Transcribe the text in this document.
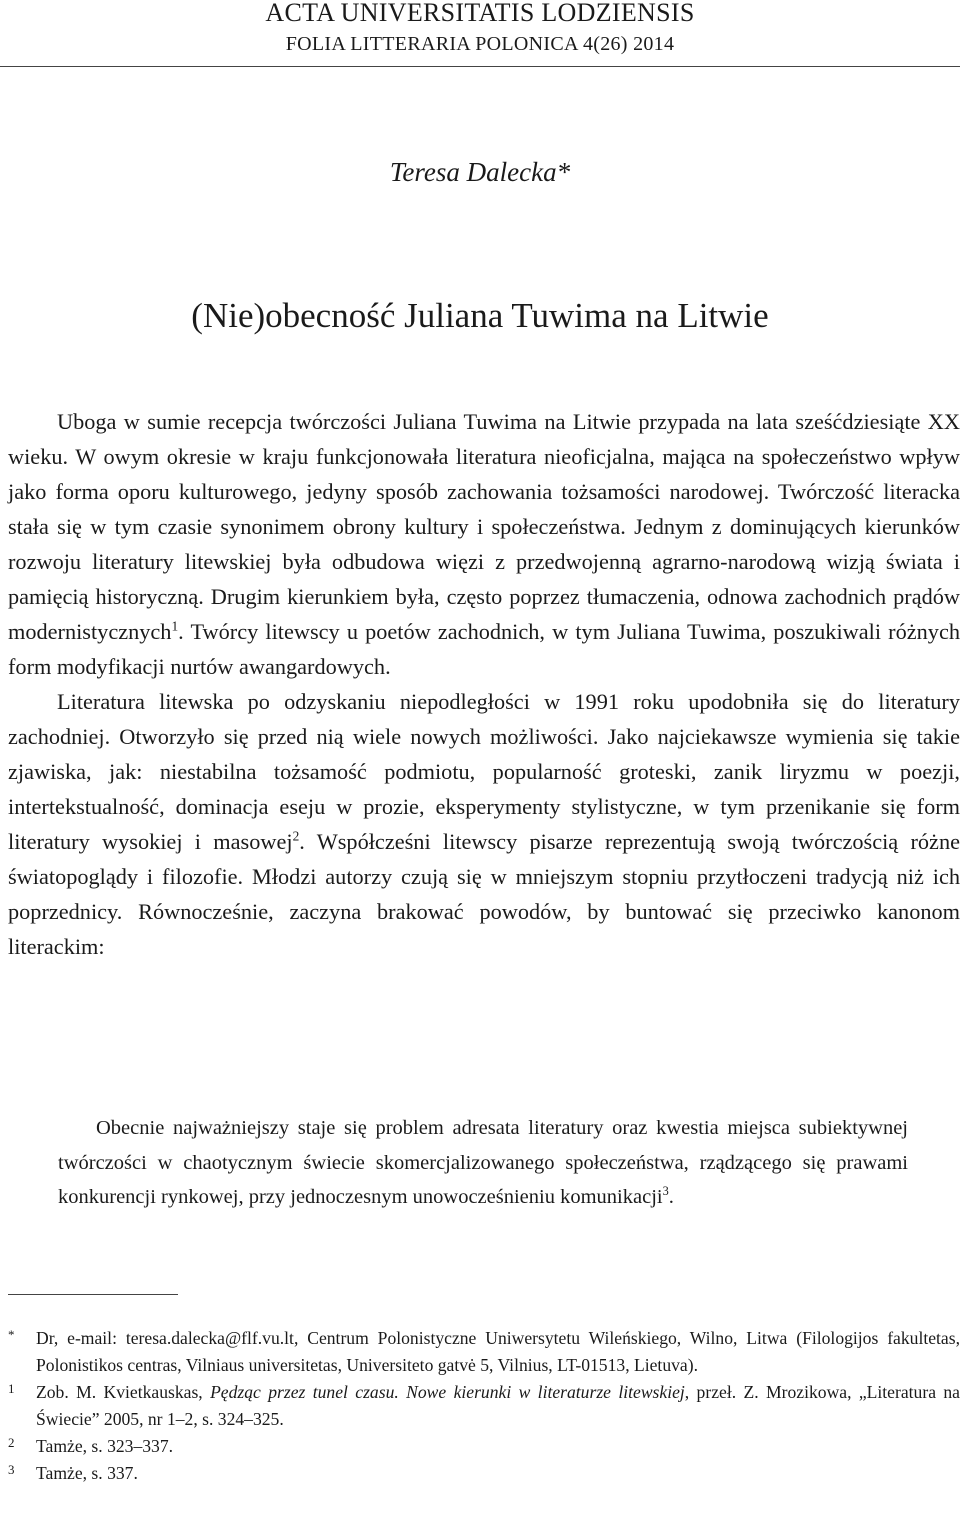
ACTA UNIVERSITATIS LODZIENSIS
FOLIA LITTERARIA POLONICA 4(26) 2014
Teresa Dalecka*
(Nie)obecność Juliana Tuwima na Litwie

Uboga w sumie recepcja twórczości Juliana Tuwima na Litwie przypada na lata sześćdziesiąte XX wieku. W owym okresie w kraju funkcjonowała literatura nieoficjalna, mająca na społeczeństwo wpływ jako forma oporu kulturowego, jedyny sposób zachowania tożsamości narodowej. Twórczość literacka stała się w tym czasie synonimem obrony kultury i społeczeństwa. Jednym z dominujących kierunków rozwoju literatury litewskiej była odbudowa więzi z przedwojenną agrarno-narodową wizją świata i pamięcią historyczną. Drugim kierunkiem była, często poprzez tłumaczenia, odnowa zachodnich prądów modernistycznych$^1$. Twórcy litewscy u poetów zachodnich, w tym Juliana Tuwima, poszukiwali różnych form modyfikacji nurtów awangardowych.

Literatura litewska po odzyskaniu niepodległości w 1991 roku upodobniła się do literatury zachodniej. Otworzyło się przed nią wiele nowych możliwości. Jako najciekawsze wymienia się takie zjawiska, jak: niestabilna tożsamość podmiotu, popularność groteski, zanik liryzmu w poezji, intertekstualność, dominacja eseju w prozie, eksperymenty stylistyczne, w tym przenikanie się form literatury wysokiej i masowej$^2$. Współcześni litewscy pisarze reprezentują swoją twórczością różne światopoglądy i filozofie. Młodzi autorzy czują się w mniejszym stopniu przytłoczeni tradycją niż ich poprzednicy. Równocześnie, zaczyna brakować powodów, by buntować się przeciwko kanonom literackim:

Obecnie najważniejszy staje się problem adresata literatury oraz kwestia miejsca subiektywnej twórczości w chaotycznym świecie skomercjalizowanego społeczeństwa, rządzącego się prawami konkurencji rynkowej, przy jednoczesnym unowocześnieniu komunikacji$^3$.

* Dr, e-mail: teresa.dalecka@flf.vu.lt, Centrum Polonistyczne Uniwersytetu Wileńskiego, Wilno, Litwa (Filologijos fakultetas, Polonistikos centras, Vilniaus universitetas, Universiteto gatvė 5, Vilnius, LT-01513, Lietuva).
1 Zob. M. Kvietkauskas, Pędząc przez tunel czasu. Nowe kierunki w literaturze litewskiej, przeł. Z. Mrozikowa, „Literatura na Świecie” 2005, nr 1–2, s. 324–325.
2 Tamże, s. 323–337.
3 Tamże, s. 337.
